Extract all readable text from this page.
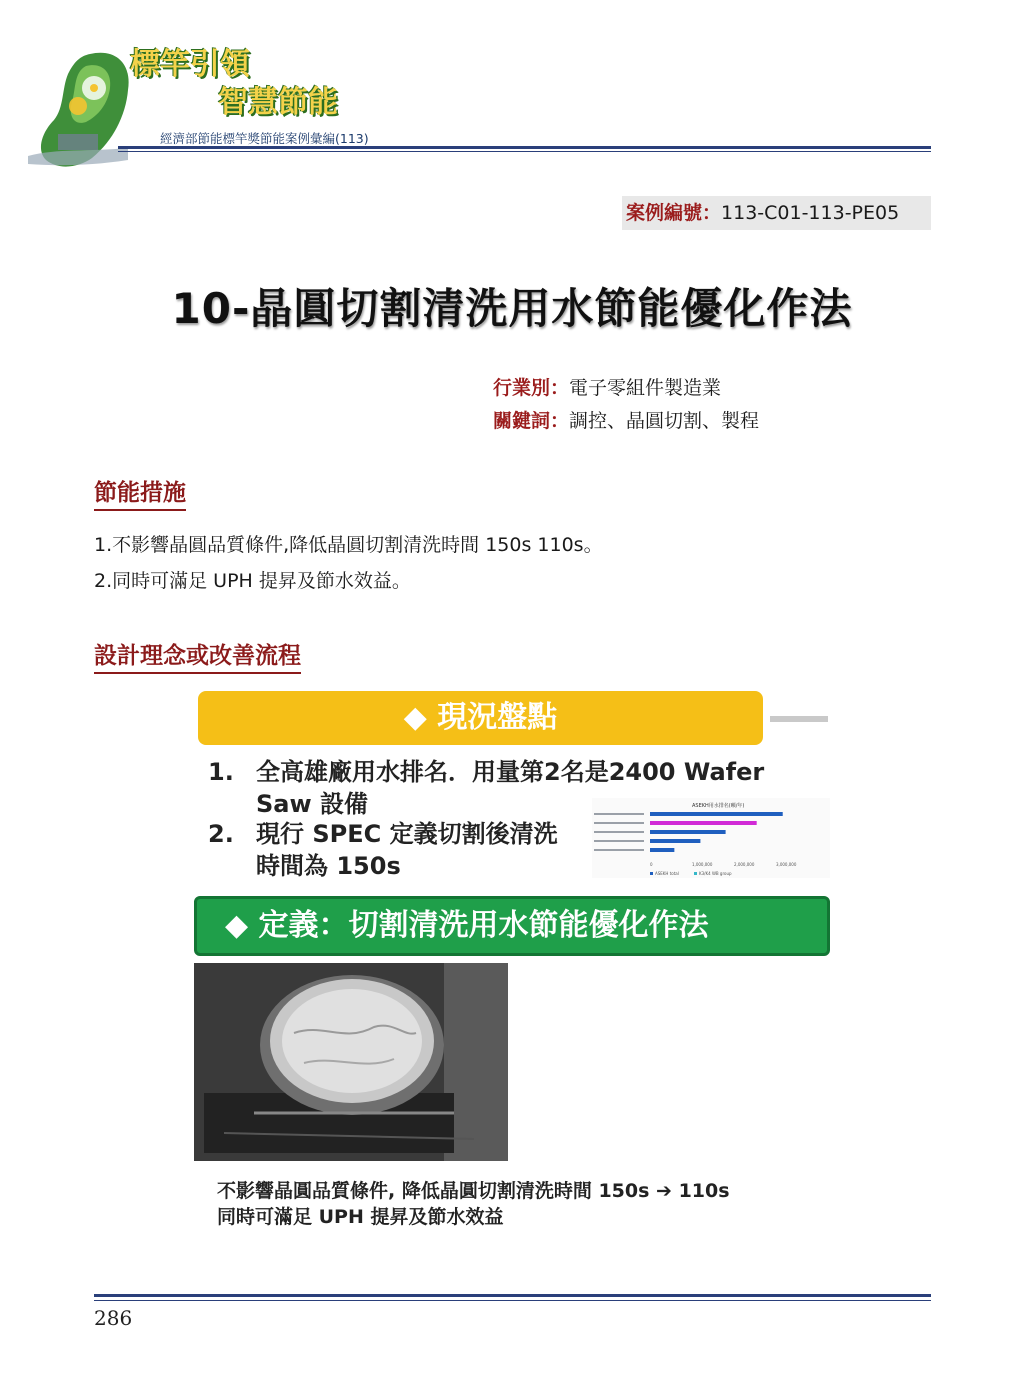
標竿引領
智慧節能
經濟部節能標竿獎節能案例彙編(113)
案例編號：113-C01-113-PE05
10-晶圓切割清洗用水節能優化作法
行業別：電子零組件製造業
關鍵詞：調控、晶圓切割、製程
節能措施
1.不影響晶圓品質條件,降低晶圓切割清洗時間 150s 110s。
2.同時可滿足 UPH 提昇及節水效益。
設計理念或改善流程
◆ 現況盤點
1. 全高雄廠用水排名．用量第2名是2400 Wafer
Saw 設備
2. 現行 SPEC 定義切割後清洗
時間為 150s
ASEKH用水排名(噸/年)
0	1,000,000	2,000,000	3,000,000
ASEKH total	K3/K4 WB group
◆ 定義：切割清洗用水節能優化作法
不影響晶圓品質條件, 降低晶圓切割清洗時間 150s ➔ 110s
同時可滿足 UPH 提昇及節水效益
286
